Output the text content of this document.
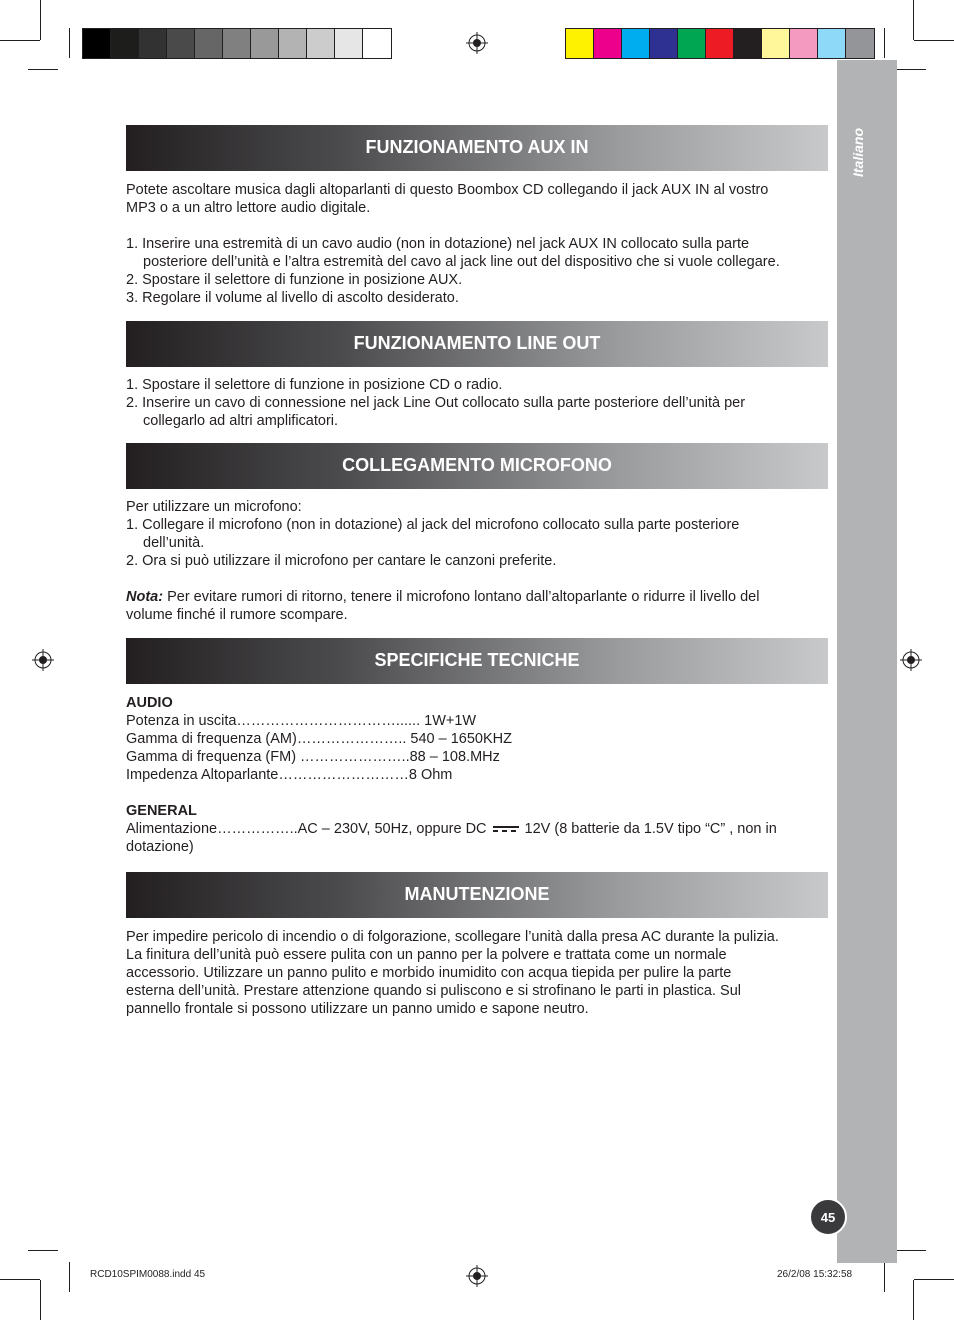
Italiano
45
FUNZIONAMENTO AUX IN
Potete ascoltare musica dagli altoparlanti di questo Boombox CD collegando il jack AUX IN al vostro
MP3 o a un altro lettore audio digitale.
1. Inserire una estremità di un cavo audio (non in dotazione) nel jack AUX IN collocato sulla parte
posteriore dell’unità e l’altra estremità del cavo al jack line out del dispositivo che si vuole collegare.
2. Spostare il selettore di funzione in posizione AUX.
3. Regolare il volume al livello di ascolto desiderato.
FUNZIONAMENTO LINE OUT
1. Spostare il selettore di funzione in posizione CD o radio.
2. Inserire un cavo di connessione nel jack Line Out collocato sulla parte posteriore dell’unità per
collegarlo ad altri amplificatori.
COLLEGAMENTO MICROFONO
Per utilizzare un microfono:
1. Collegare il microfono (non in dotazione) al jack del microfono collocato sulla parte posteriore
dell’unità.
2. Ora si può utilizzare il microfono per cantare le canzoni preferite.
Nota: Per evitare rumori di ritorno, tenere il microfono lontano dall’altoparlante o ridurre il livello del
volume finché il rumore scompare.
SPECIFICHE TECNICHE
AUDIO
Potenza in uscita……………………………...... 1W+1W
Gamma di frequenza (AM)………………….. 540 – 1650KHZ
Gamma di frequenza (FM) …………………..88 – 108.MHz
Impedenza Altoparlante………………………8 Ohm
GENERAL
Alimentazione……………..AC – 230V, 50Hz, oppure DC	12V (8 batterie da 1.5V tipo “C” , non in
dotazione)
MANUTENZIONE
Per impedire pericolo di incendio o di folgorazione, scollegare l’unità dalla presa AC durante la pulizia.
La finitura dell’unità può essere pulita con un panno per la polvere e trattata come un normale
accessorio. Utilizzare un panno pulito e morbido inumidito con acqua tiepida per pulire la parte
esterna dell’unità. Prestare attenzione quando si puliscono e si strofinano le parti in plastica. Sul
pannello frontale si possono utilizzare un panno umido e sapone neutro.
RCD10SPIM0088.indd 45	26/2/08 15:32:58
